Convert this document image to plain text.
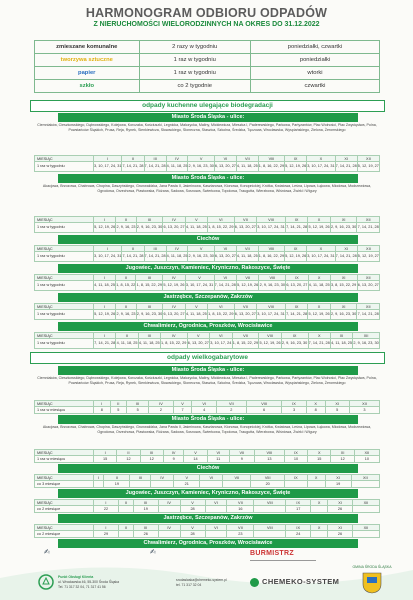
HARMONOGRAM ODBIORU ODPADÓW
Z NIERUCHOMOŚCI WIELORODZINNYCH NA OKRES DO 31.12.2022
zmieszane komunalne	2 razy w tygodniu	poniedziałki, czwartki
tworzywa sztuczne	1 raz w tygodniu	poniedziałki
papier	1 raz w tygodniu	wtorki
szkło	co 2 tygodnie	czwartki
odpady kuchenne ulegające biodegradacji
Miasto Środa Śląska - ulice:
Ciemniaków, Cieszkowskiego, Dąbrowskiego, Kolejowa, Korczaka, Kościuszki, Legnicka, Malczycka, Maliny, Mickiewicza, Mieszka I, Paderewskiego, Parkowa, Partyzantów, Plac Wolności, Plac Zwycięstwa, Polna, Powstańców Śląskich, Prusa, Reja, Rynek, Sienkiewicza, Słowackiego, Słoneczna, Staszica, Szkolna, Średzka, Tęczowa, Wrocławska, Wyspiańskiego, Zielona, Żeromskiego
MIESIĄC	I	II	III	IV	V	VI	VII	VIII	IX	X	XI	XII
1 raz w tygodniu	3, 10, 17, 24, 31	7, 14, 21, 28	7, 14, 21, 28	4, 11, 18, 25	2, 9, 16, 23, 30	6, 13, 20, 27	4, 11, 18, 25	1, 8, 16, 22, 29	5, 12, 19, 26	3, 10, 17, 24, 31	7, 14, 21, 28	5, 12, 19, 27
Miasto Środa Śląska - ulice:
Akacjowa, Brzozowa, Chabrowa, Chopina, Daszyńskiego, Grunwaldzka, Jana Pawła II, Jaśminowa, Kasztanowa, Klonowa, Konopnickiej, Krótka, Kwiatowa, Leśna, Lipowa, Łąkowa, Miodowa, Modrzewiowa, Ogrodowa, Orzechowa, Piastowska, Różana, Sadowa, Sosnowa, Świerkowa, Topolowa, Traugutta, Wierzbowa, Wiśniowa, Żwirki i Wigury
MIESIĄC	I	II	III	IV	V	VI	VII	VIII	IX	X	XI	XII
1 raz w tygodniu	5, 12, 19, 26	2, 9, 16, 23	2, 9, 16, 23, 30	6, 13, 20, 27	4, 11, 18, 25	1, 8, 15, 22, 29	6, 13, 20, 27	3, 10, 17, 24, 31	7, 14, 21, 28	5, 12, 19, 26	2, 9, 16, 23, 30	7, 14, 21, 28
Ciechów
MIESIĄC	I	II	III	IV	V	VI	VII	VIII	IX	X	XI	XII
1 raz w tygodniu	3, 10, 17, 24, 31	7, 14, 21, 28	7, 14, 21, 28	4, 11, 18, 25	2, 9, 16, 23, 30	6, 13, 20, 27	4, 11, 18, 25	1, 8, 16, 22, 29	5, 12, 19, 26	3, 10, 17, 24, 31	7, 14, 21, 28	5, 12, 19, 27
Jugowiec, Juszczyn, Kamieniec, Kryniczno, Rakoszyce, Święte
MIESIĄC	I	II	III	IV	V	VI	VII	VIII	IX	X	XI	XII
1 raz w tygodniu	4, 11, 18, 25	1, 8, 15, 22	1, 8, 15, 22, 29	5, 12, 19, 26	3, 10, 17, 24, 31	7, 14, 21, 28	5, 12, 19, 26	2, 9, 16, 23, 30	6, 13, 20, 27	4, 11, 18, 25	3, 8, 15, 22, 29	6, 13, 20, 27
Jastrzębce, Szczepanów, Zakrzów
MIESIĄC	I	II	III	IV	V	VI	VII	VIII	IX	X	XI	XII
1 raz w tygodniu	5, 12, 19, 26	2, 9, 16, 23	2, 9, 16, 23, 30	6, 13, 20, 27	4, 11, 18, 25	1, 8, 15, 22, 29	6, 13, 20, 27	3, 10, 17, 24, 31	7, 14, 21, 28	5, 12, 19, 26	2, 9, 16, 23, 30	7, 14, 21, 28
Chwalimierz, Ogrodnica, Proszków, Wrocisławice
MIESIĄC	I	II	III	IV	V	VI	VII	VIII	IX	X	XI	XII
1 raz w tygodniu	7, 14, 21, 28	4, 11, 18, 25	4, 11, 18, 25	1, 8, 15, 22, 29	6, 13, 20, 27	3, 10, 17, 24	1, 8, 15, 22, 29	5, 12, 19, 26	2, 9, 16, 23, 30	7, 14, 21, 28	4, 11, 18, 25	2, 9, 16, 23, 30
odpady wielkogabarytowe
Miasto Środa Śląska - ulice:
Ciemniaków, Cieszkowskiego, Dąbrowskiego, Kolejowa, Korczaka, Kościuszki, Legnicka, Malczycka, Maliny, Mickiewicza, Mieszka I, Paderewskiego, Parkowa, Partyzantów, Plac Wolności, Plac Zwycięstwa, Polna, Powstańców Śląskich, Prusa, Reja, Rynek, Sienkiewicza, Słowackiego, Słoneczna, Staszica, Szkolna, Średzka, Tęczowa, Wrocławska, Wyspiańskiego, Zielona, Żeromskiego
MIESIĄC	I	II	III	IV	V	VI	VII	VIII	IX	X	XI	XII
1 raz w miesiącu	8	5	5	2	7	4	2	6	3	8	5	3
Miasto Środa Śląska - ulice:
Akacjowa, Brzozowa, Chabrowa, Chopina, Daszyńskiego, Grunwaldzka, Jana Pawła II, Jaśminowa, Kasztanowa, Klonowa, Konopnickiej, Krótka, Kwiatowa, Leśna, Lipowa, Łąkowa, Miodowa, Modrzewiowa, Ogrodowa, Orzechowa, Piastowska, Różana, Sadowa, Sosnowa, Świerkowa, Topolowa, Traugutta, Wierzbowa, Wiśniowa, Żwirki i Wigury
MIESIĄC	I	II	III	IV	V	VI	VII	VIII	IX	X	XI	XII
1 raz w miesiącu	15	12	12	9	14	11	9	13	10	15	12	10
Ciechów
MIESIĄC	I	II	III	IV	V	VI	VII	VIII	IX	X	XI	XII
co 3 miesiące		19			21			20			19	
Jugowiec, Juszczyn, Kamieniec, Kryniczno, Rakoszyce, Święte
MIESIĄC	I	II	III	IV	V	VI	VII	VIII	IX	X	XI	XII
co 2 miesiące	22		19		28		16		17		26	
Jastrzębce, Szczepanów, Zakrzów
MIESIĄC	I	II	III	IV	V	VI	VII	VIII	IX	X	XI	XII
co 2 miesiące	29		26		28		23		24		26	
Chwalimierz, Ogrodnica, Proszków, Wrocisławice
✍	✍	BURMISTRZ
Punkt Obsługi Klienta
ul. Wrocławska 46, 55-300 Środa Śląska
Tel. 71 317 32 04, 71 317 41 56
srodaslaska@chemeko-system.pl
tel. 71 317 32 04	CHEMEKO-SYSTEM
GMINA ŚRODA ŚLĄSKA
